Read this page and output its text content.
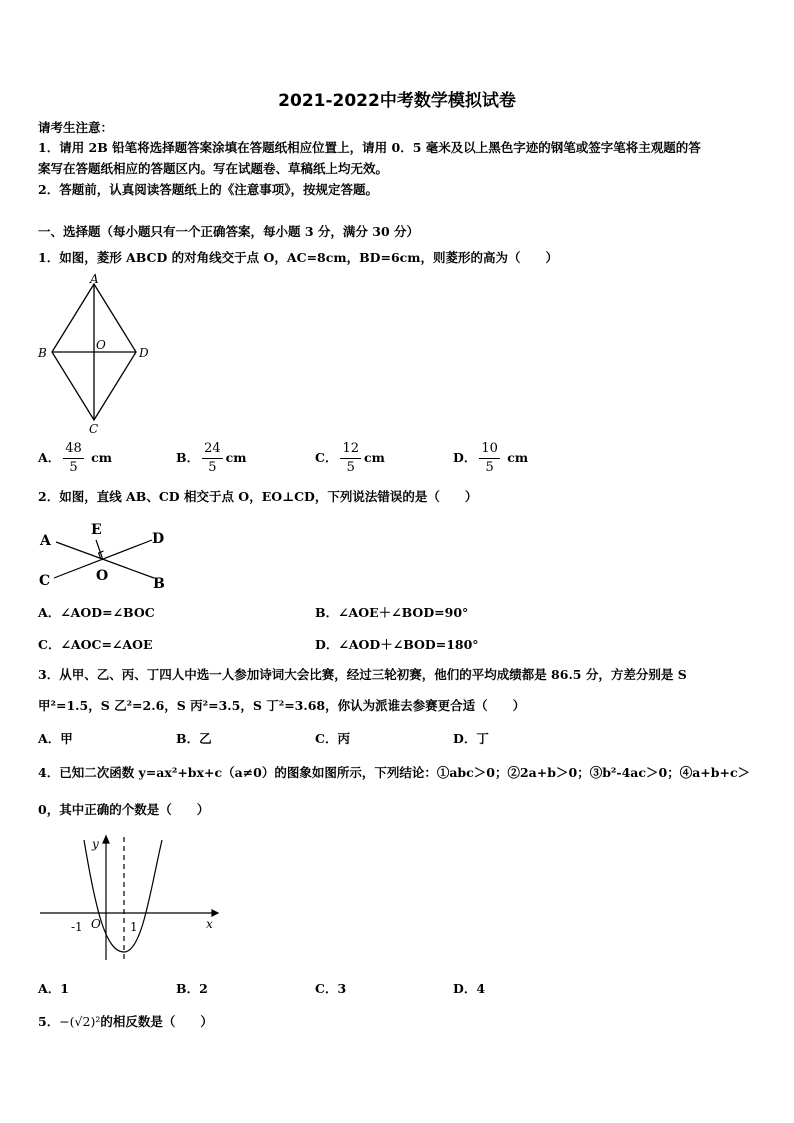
2021-2022中考数学模拟试卷
请考生注意：
1．请用 2B 铅笔将选择题答案涂填在答题纸相应位置上，请用 0．5 毫米及以上黑色字迹的钢笔或签字笔将主观题的答
案写在答题纸相应的答题区内。写在试题卷、草稿纸上均无效。
2．答题前，认真阅读答题纸上的《注意事项》，按规定答题。
一、选择题（每小题只有一个正确答案，每小题 3 分，满分 30 分）
1．如图，菱形 ABCD 的对角线交于点 O，AC=8cm，BD=6cm，则菱形的高为（　　）
A
B
C
D
O
A． $\frac{48}{5}$ cm	B． $\frac{24}{5}$ cm	C． $\frac{12}{5}$ cm	D． $\frac{10}{5}$ cm
2．如图，直线 AB、CD 相交于点 O，EO⊥CD，下列说法错误的是（　　）
A
B
C
D
E
O
A．∠AOD=∠BOC	B．∠AOE＋∠BOD=90°
C．∠AOC=∠AOE	D．∠AOD＋∠BOD=180°
3．从甲、乙、丙、丁四人中选一人参加诗词大会比赛，经过三轮初赛，他们的平均成绩都是 86.5 分，方差分别是 S
甲²=1.5，S 乙²=2.6，S 丙²=3.5，S 丁²=3.68，你认为派谁去参赛更合适（　　）
A．甲	B．乙	C．丙	D．丁
4．已知二次函数 y=ax²+bx+c（a≠0）的图象如图所示，下列结论：①abc＞0；②2a+b＞0；③b²-4ac＞0；④a+b+c＞
0，其中正确的个数是（　　）
y
x
O
-1	1
A．1	B．2	C．3	D．4
5．−(√2)²的相反数是（　　）
